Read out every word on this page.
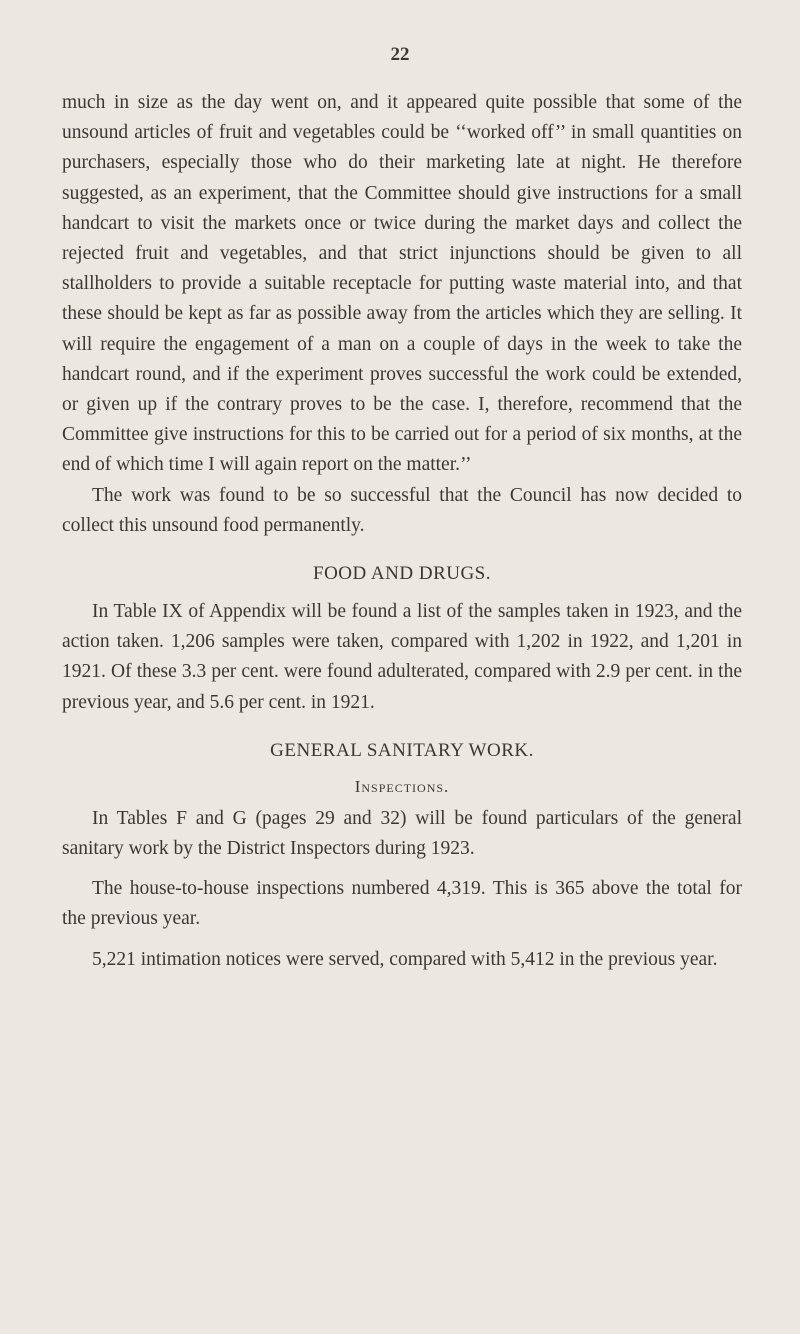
22

much in size as the day went on, and it appeared quite possible that some of the unsound articles of fruit and vegetables could be ‘‘worked off’’ in small quantities on purchasers, especially those who do their marketing late at night. He therefore suggested, as an experiment, that the Committee should give instructions for a small handcart to visit the markets once or twice during the market days and collect the rejected fruit and vegetables, and that strict injunctions should be given to all stallholders to provide a suitable receptacle for putting waste material into, and that these should be kept as far as possible away from the articles which they are selling. It will require the engagement of a man on a couple of days in the week to take the handcart round, and if the experiment proves successful the work could be extended, or given up if the contrary proves to be the case. I, therefore, recommend that the Committee give instructions for this to be carried out for a period of six months, at the end of which time I will again report on the matter.’’

The work was found to be so successful that the Council has now decided to collect this unsound food permanently.

FOOD AND DRUGS.

In Table IX of Appendix will be found a list of the samples taken in 1923, and the action taken. 1,206 samples were taken, compared with 1,202 in 1922, and 1,201 in 1921. Of these 3.3 per cent. were found adulterated, compared with 2.9 per cent. in the previous year, and 5.6 per cent. in 1921.

GENERAL SANITARY WORK.
Inspections.

In Tables F and G (pages 29 and 32) will be found particulars of the general sanitary work by the District Inspectors during 1923.

The house-to-house inspections numbered 4,319. This is 365 above the total for the previous year.

5,221 intimation notices were served, compared with 5,412 in the previous year.
